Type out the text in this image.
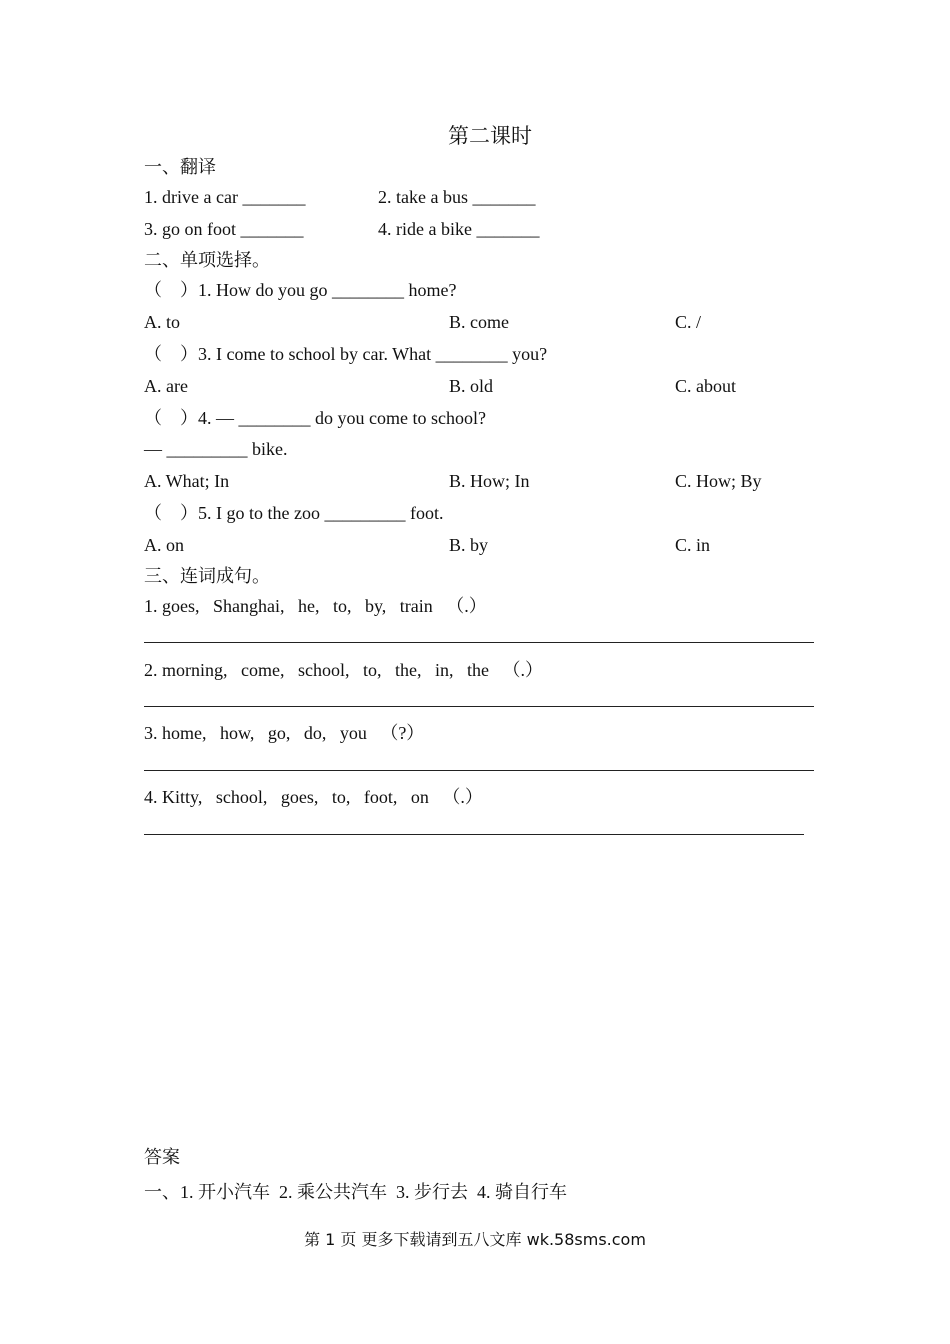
第二课时
一、翻译
1. drive a car _______	2. take a bus _______
3. go on foot _______	4. ride a bike _______
二、单项选择。
（　）1. How do you go ________ home?
A. to	B. come	C. /
（　）3. I come to school by car. What ________ you?
A. are	B. old	C. about
（　）4. — ________ do you come to school?
— _________ bike.
A. What; In	B. How; In	C. How; By
（　）5. I go to the zoo _________ foot.
A. on	B. by	C. in
三、连词成句。
1. goes,   Shanghai,   he,   to,   by,   train   （.）
2. morning,   come,   school,   to,   the,   in,   the   （.）
3. home,   how,   go,   do,   you   （?）
4. Kitty,   school,   goes,   to,   foot,   on   （.）
答案
一、1. 开小汽车  2. 乘公共汽车  3. 步行去  4. 骑自行车
第 1 页 更多下载请到五八文库 wk.58sms.com
